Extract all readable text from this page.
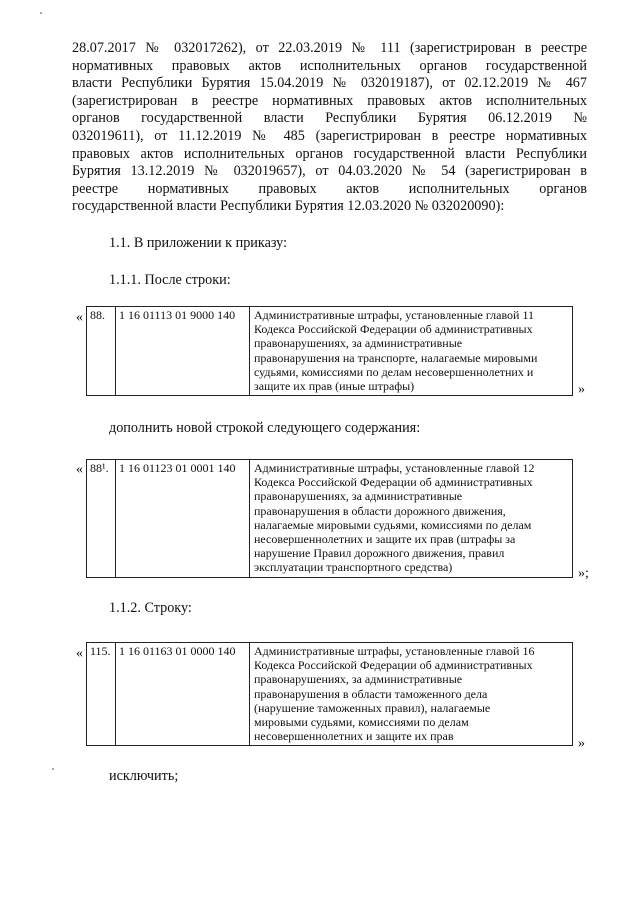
28.07.2017 № 032017262), от 22.03.2019 № 111 (зарегистрирован в реестре
нормативных правовых актов исполнительных органов государственной
власти Республики Бурятия 15.04.2019 № 032019187), от 02.12.2019 № 467
(зарегистрирован в реестре нормативных правовых актов исполнительных
органов государственной власти Республики Бурятия 06.12.2019 №
032019611), от 11.12.2019 № 485 (зарегистрирован в реестре нормативных
правовых актов исполнительных органов государственной власти Республики
Бурятия 13.12.2019 № 032019657), от 04.03.2020 № 54 (зарегистрирован в
реестре нормативных правовых актов исполнительных органов
государственной власти Республики Бурятия 12.03.2020 № 032020090):

1.1. В приложении к приказу:

1.1.1. После строки:

« 88.	1 16 01113 01 9000 140	Административные штрафы, установленные главой 11
Кодекса Российской Федерации об административных
правонарушениях, за административные
правонарушения на транспорте, налагаемые мировыми
судьями, комиссиями по делам несовершеннолетних и
защите их прав (иные штрафы)	»

дополнить новой строкой следующего содержания:

« 88¹.	1 16 01123 01 0001 140	Административные штрафы, установленные главой 12
Кодекса Российской Федерации об административных
правонарушениях, за административные
правонарушения в области дорожного движения,
налагаемые мировыми судьями, комиссиями по делам
несовершеннолетних и защите их прав (штрафы за
нарушение Правил дорожного движения, правил
эксплуатации транспортного средства)	»;

1.1.2. Строку:

« 115.	1 16 01163 01 0000 140	Административные штрафы, установленные главой 16
Кодекса Российской Федерации об административных
правонарушениях, за административные
правонарушения в области таможенного дела
(нарушение таможенных правил), налагаемые
мировыми судьями, комиссиями по делам
несовершеннолетних и защите их прав	»

исключить;
